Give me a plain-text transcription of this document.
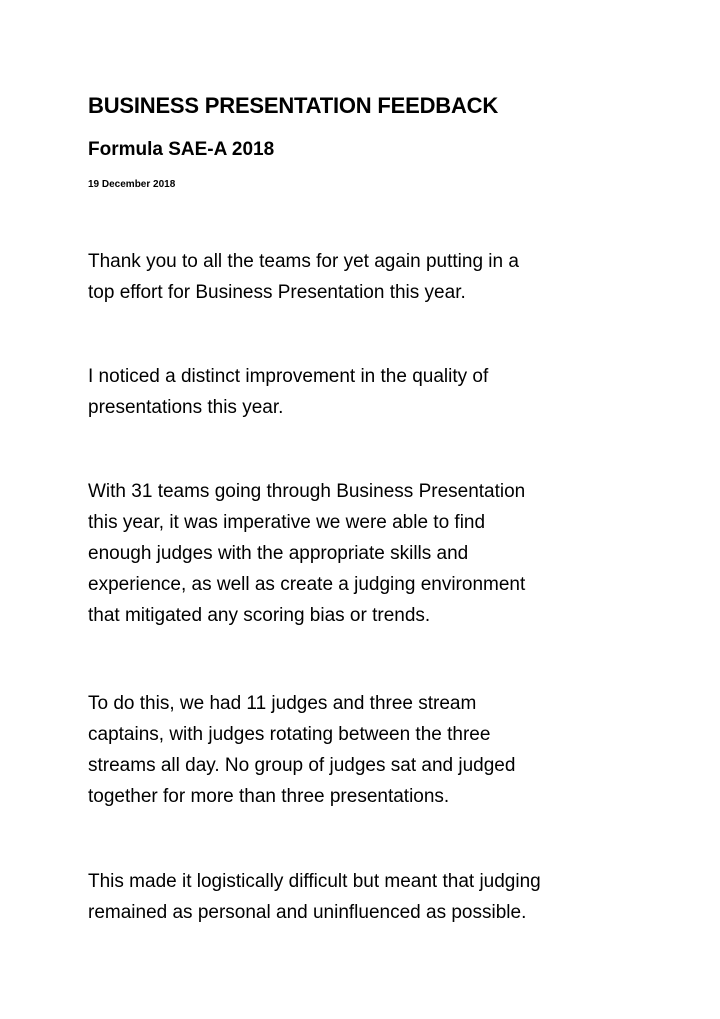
BUSINESS PRESENTATION FEEDBACK
Formula SAE-A 2018

19 December 2018

Thank you to all the teams for yet again putting in a
top effort for Business Presentation this year.

I noticed a distinct improvement in the quality of
presentations this year.

With 31 teams going through Business Presentation
this year, it was imperative we were able to find
enough judges with the appropriate skills and
experience, as well as create a judging environment
that mitigated any scoring bias or trends.

To do this, we had 11 judges and three stream
captains, with judges rotating between the three
streams all day. No group of judges sat and judged
together for more than three presentations.

This made it logistically difficult but meant that judging
remained as personal and uninfluenced as possible.
